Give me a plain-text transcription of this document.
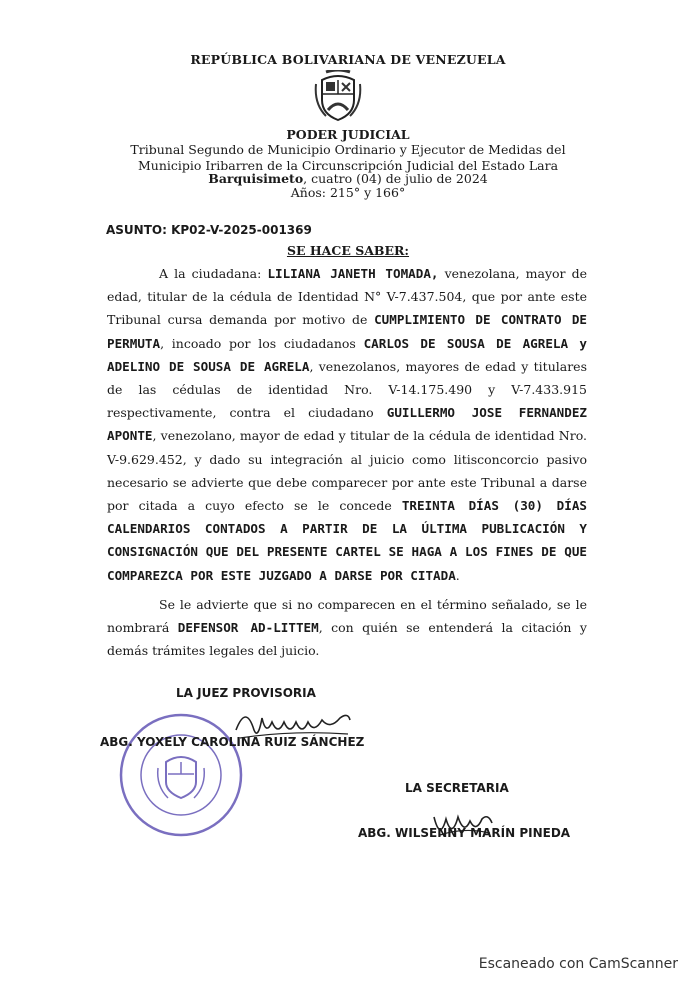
REPÚBLICA BOLIVARIANA DE VENEZUELA
PODER JUDICIAL
Tribunal Segundo de Municipio Ordinario y Ejecutor de Medidas del
Municipio Iribarren de la Circunscripción Judicial del Estado Lara
Barquisimeto, cuatro (04) de julio de 2024
Años: 215° y 166°
ASUNTO: KP02-V-2025-001369
SE HACE SABER:

A la ciudadana: LILIANA JANETH TOMADA, venezolana, mayor de edad, titular de la cédula de Identidad N° V-7.437.504, que por ante este Tribunal cursa demanda por motivo de CUMPLIMIENTO DE CONTRATO DE PERMUTA, incoado por los ciudadanos CARLOS DE SOUSA DE AGRELA y ADELINO DE SOUSA DE AGRELA, venezolanos, mayores de edad y titulares de las cédulas de identidad Nro. V-14.175.490 y V-7.433.915 respectivamente, contra el ciudadano GUILLERMO JOSE FERNANDEZ APONTE, venezolano, mayor de edad y titular de la cédula de identidad Nro. V-9.629.452, y dado su integración al juicio como litisconcorcio pasivo necesario se advierte que debe comparecer por ante este Tribunal a darse por citada a cuyo efecto se le concede TREINTA DÍAS (30) DÍAS CALENDARIOS CONTADOS A PARTIR DE LA ÚLTIMA PUBLICACIÓN Y CONSIGNACIÓN QUE DEL PRESENTE CARTEL SE HAGA A LOS FINES DE QUE COMPAREZCA POR ESTE JUZGADO A DARSE POR CITADA.

Se le advierte que si no comparecen en el término señalado, se le nombrará DEFENSOR AD-LITTEM, con quién se entenderá la citación y demás trámites legales del juicio.

LA JUEZ PROVISORIA
ABG. YOXELY CAROLINA RUIZ SÁNCHEZ
LA SECRETARIA
ABG. WILSENNY MARÍN PINEDA
Escaneado con CamScanner
